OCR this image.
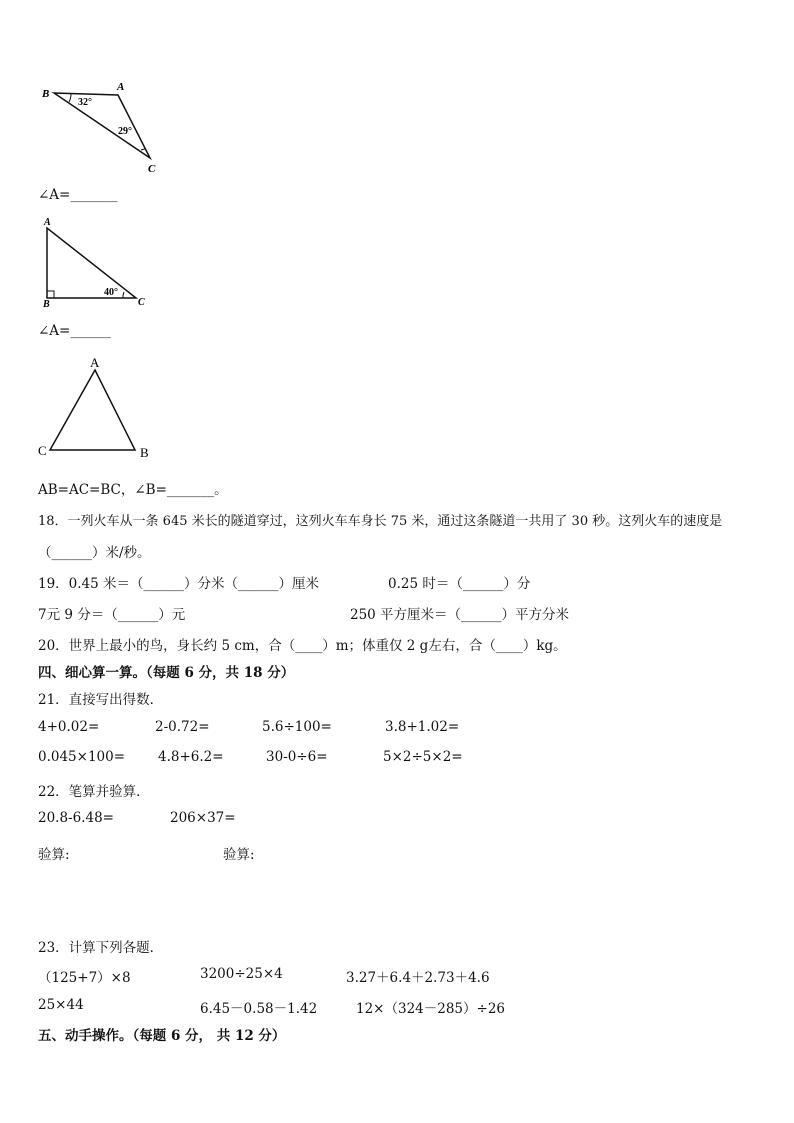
B
A
C
32°
29°
∠A=_______
A
B	C
40°
∠A=______
A
C	B
AB=AC=BC，∠B=_______。
18．一列火车从一条 645 米长的隧道穿过，这列火车车身长 75 米，通过这条隧道一共用了 30 秒。这列火车的速度是
（______）米/秒。
19．0.45 米＝（______）分米（______）厘米	0.25 时＝（______）分
7元 9 分＝（______）元	250 平方厘米＝（______）平方分米
20．世界上最小的鸟，身长约 5 cm，合（____）m；体重仅 2 g左右，合（____）kg。
四、细心算一算。（每题 6 分，共 18 分）
21．直接写出得数．
4+0.02=	2-0.72=	5.6÷100=	3.8+1.02=
0.045×100= 4.8+6.2=	30-0÷6=	5×2÷5×2=
22．笔算并验算．
20.8-6.48=	206×37=
验算:	验算:
23．计算下列各题．
（125+7）×8	3200÷25×4	3.27＋6.4＋2.73＋4.6
25×44	6.45－0.58－1.42	12×（324－285）÷26
五、动手操作。（每题 6 分， 共 12 分）
